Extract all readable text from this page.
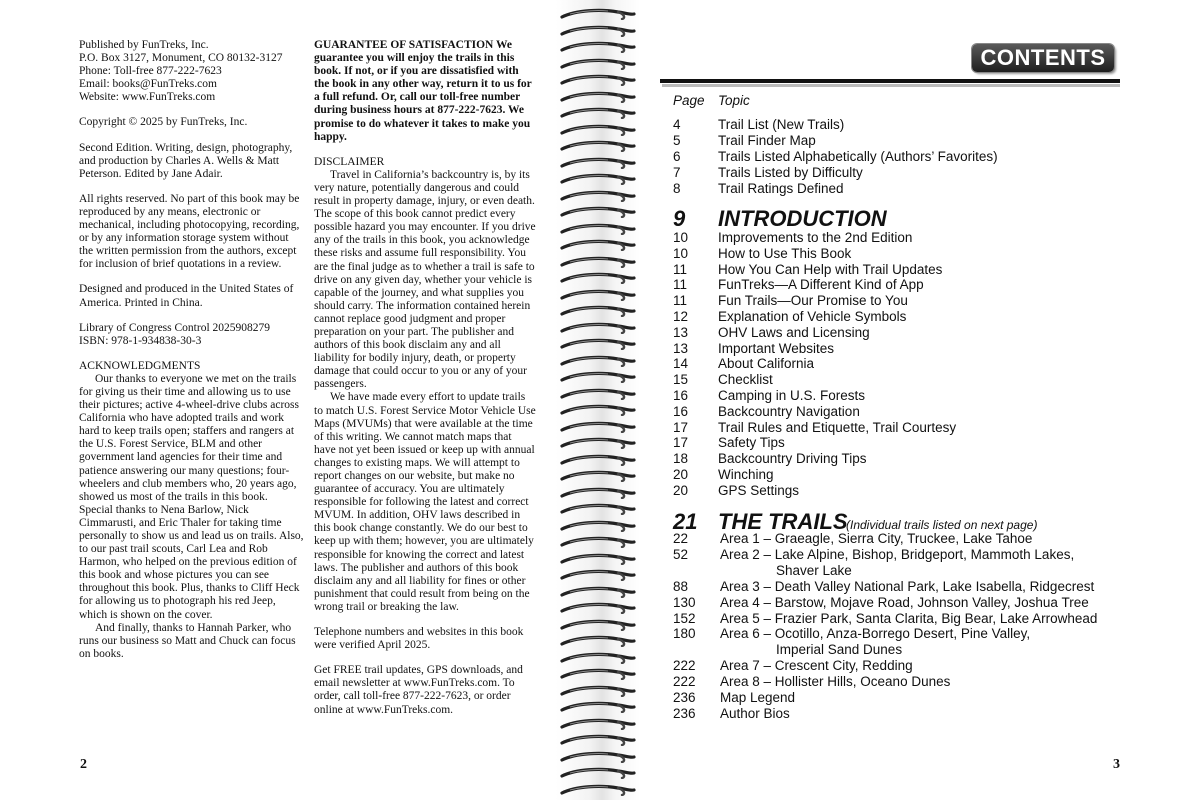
Published by FunTreks, Inc.
P.O. Box 3127, Monument, CO 80132-3127
Phone: Toll-free 877-222-7623
Email: books@FunTreks.com
Website: www.FunTreks.com

Copyright © 2025 by FunTreks, Inc.

Second Edition. Writing, design, photography, and production by Charles A. Wells & Matt Peterson. Edited by Jane Adair.

All rights reserved. No part of this book may be reproduced by any means, electronic or mechanical, including photocopying, recording, or by any information storage system without the written permission from the authors, except for inclusion of brief quotations in a review.

Designed and produced in the United States of America. Printed in China.

Library of Congress Control 2025908279
ISBN: 978-1-934838-30-3

ACKNOWLEDGMENTS

Our thanks to everyone we met on the trails for giving us their time and allowing us to use their pictures; active 4-wheel-drive clubs across California who have adopted trails and work hard to keep trails open; staffers and rangers at the U.S. Forest Service, BLM and other government land agencies for their time and patience answering our many questions; four-wheelers and club members who, 20 years ago, showed us most of the trails in this book. Special thanks to Nena Barlow, Nick Cimmarusti, and Eric Thaler for taking time personally to show us and lead us on trails. Also, to our past trail scouts, Carl Lea and Rob Harmon, who helped on the previous edition of this book and whose pictures you can see throughout this book. Plus, thanks to Cliff Heck for allowing us to photograph his red Jeep, which is shown on the cover.

And finally, thanks to Hannah Parker, who runs our business so Matt and Chuck can focus on books.

GUARANTEE OF SATISFACTION We guarantee you will enjoy the trails in this book. If not, or if you are dissatisfied with the book in any other way, return it to us for a full refund. Or, call our toll-free number during business hours at 877-222-7623. We promise to do whatever it takes to make you happy.

DISCLAIMER

Travel in California’s backcountry is, by its very nature, potentially dangerous and could result in property damage, injury, or even death. The scope of this book cannot predict every possible hazard you may encounter. If you drive any of the trails in this book, you acknowledge these risks and assume full responsibility. You are the final judge as to whether a trail is safe to drive on any given day, whether your vehicle is capable of the journey, and what supplies you should carry. The information contained herein cannot replace good judgment and proper preparation on your part. The publisher and authors of this book disclaim any and all liability for bodily injury, death, or property damage that could occur to you or any of your passengers.

We have made every effort to update trails to match U.S. Forest Service Motor Vehicle Use Maps (MVUMs) that were available at the time of this writing. We cannot match maps that have not yet been issued or keep up with annual changes to existing maps. We will attempt to report changes on our website, but make no guarantee of accuracy. You are ultimately responsible for following the latest and correct MVUM. In addition, OHV laws described in this book change constantly. We do our best to keep up with them; however, you are ultimately responsible for knowing the correct and latest laws. The publisher and authors of this book disclaim any and all liability for fines or other punishment that could result from being on the wrong trail or breaking the law.

Telephone numbers and websites in this book were verified April 2025.

Get FREE trail updates, GPS downloads, and email newsletter at www.FunTreks.com. To order, call toll-free 877-222-7623, or order online at www.FunTreks.com.

2
CONTENTS
Page Topic
4	Trail List (New Trails)
5	Trail Finder Map
6	Trails Listed Alphabetically (Authors’ Favorites)
7	Trails Listed by Difficulty
8	Trail Ratings Defined
9 INTRODUCTION
10 Improvements to the 2nd Edition
10 How to Use This Book
11 How You Can Help with Trail Updates
11 FunTreks—A Different Kind of App
11 Fun Trails—Our Promise to You
12 Explanation of Vehicle Symbols
13 OHV Laws and Licensing
13 Important Websites
14 About California
15 Checklist
16 Camping in U.S. Forests
16 Backcountry Navigation
17 Trail Rules and Etiquette, Trail Courtesy
17 Safety Tips
18 Backcountry Driving Tips
20 Winching
20 GPS Settings
21 THE TRAILS
(Individual trails listed on next page)
22 Area 1 – Graeagle, Sierra City, Truckee, Lake Tahoe
52 Area 2 – Lake Alpine, Bishop, Bridgeport, Mammoth Lakes,
Shaver Lake
88 Area 3 – Death Valley National Park, Lake Isabella, Ridgecrest
130 Area 4 – Barstow, Mojave Road, Johnson Valley, Joshua Tree
152 Area 5 – Frazier Park, Santa Clarita, Big Bear, Lake Arrowhead
180 Area 6 – Ocotillo, Anza-Borrego Desert, Pine Valley,
Imperial Sand Dunes
222 Area 7 – Crescent City, Redding
222 Area 8 – Hollister Hills, Oceano Dunes
236 Map Legend
236 Author Bios
3
